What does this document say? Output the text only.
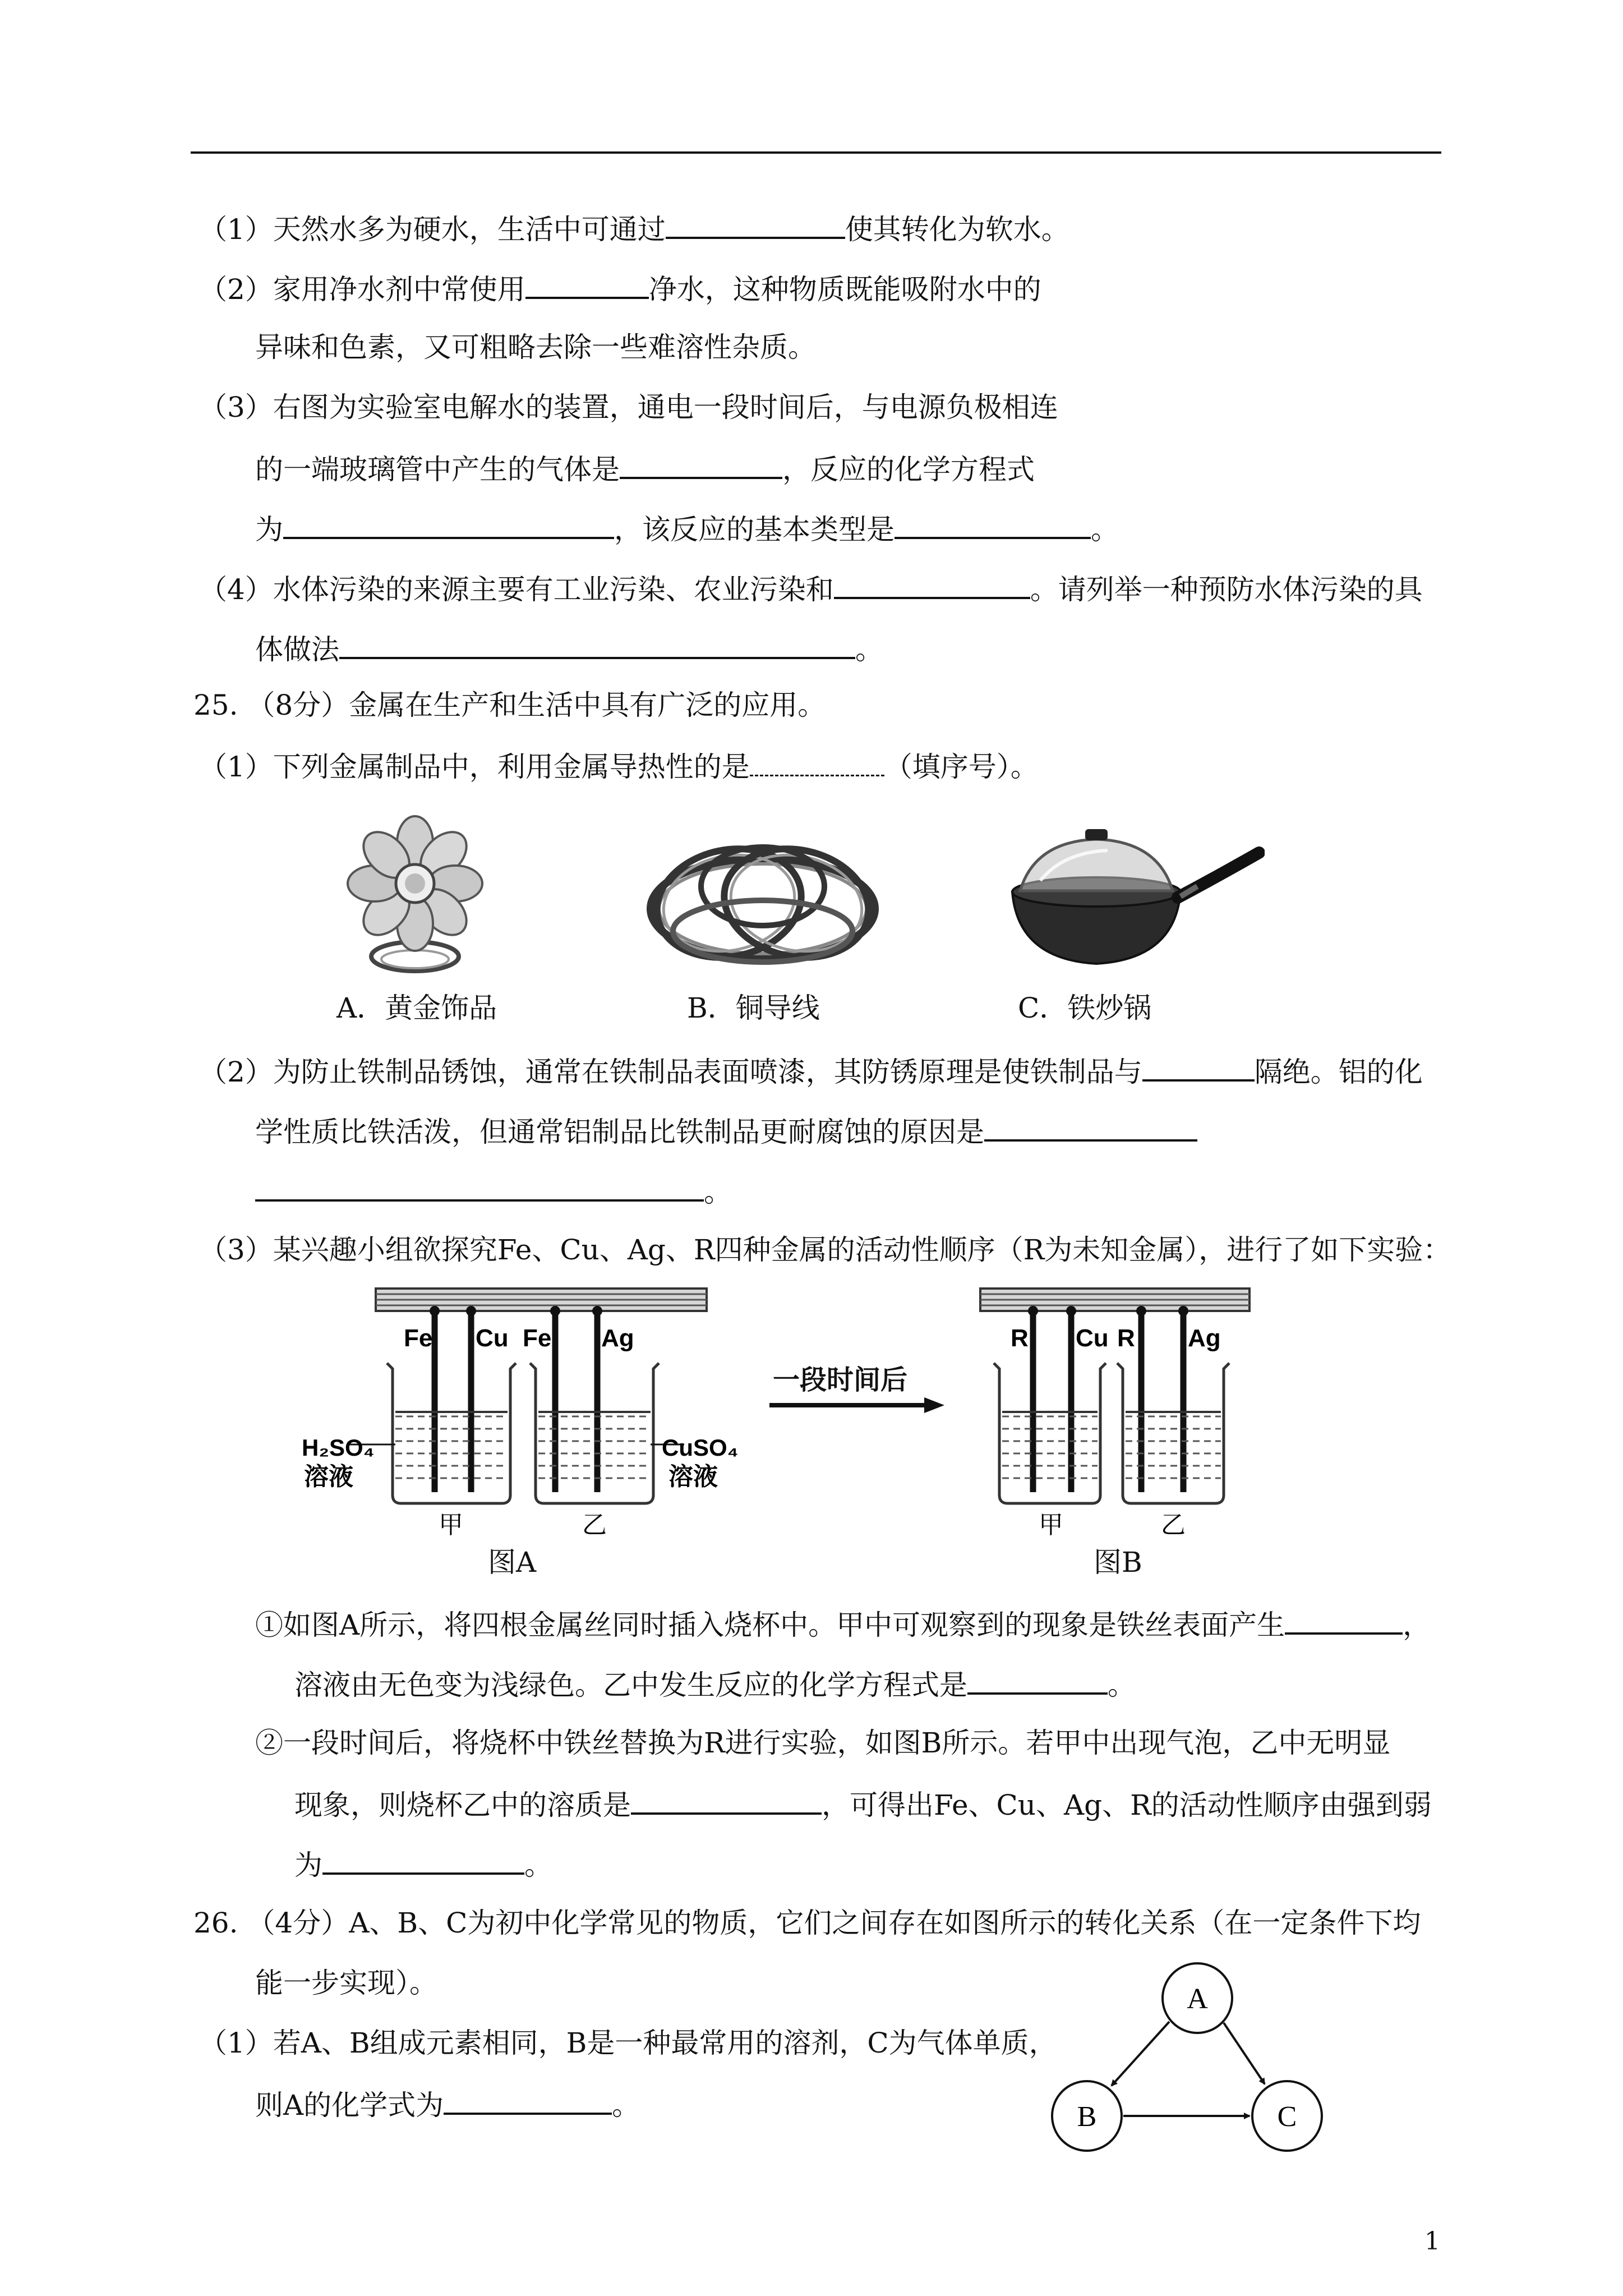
（1）天然水多为硬水，生活中可通过	使其转化为软水。
（2）家用净水剂中常使用	净水，这种物质既能吸附水中的
异味和色素，又可粗略去除一些难溶性杂质。
（3）右图为实验室电解水的装置，通电一段时间后，与电源负极相连
的一端玻璃管中产生的气体是	，反应的化学方程式
为	，该反应的基本类型是	。
（4）水体污染的来源主要有工业污染、农业污染和	。请列举一种预防水体污染的具
体做法	。
25. （8分）金属在生产和生活中具有广泛的应用。
（1）下列金属制品中，利用金属导热性的是	（填序号）。
A．黄金饰品	B．铜导线	C．铁炒锅
（2）为防止铁制品锈蚀，通常在铁制品表面喷漆，其防锈原理是使铁制品与	隔绝。铝的化
学性质比铁活泼，但通常铝制品比铁制品更耐腐蚀的原因是
。
（3）某兴趣小组欲探究Fe、Cu、Ag、R四种金属的活动性顺序（R为未知金属），进行了如下实验：
Fe Cu Fe Ag
H₂SO₄
溶液
CuSO₄
溶液
甲	乙
一段时间后
R Cu R Ag
甲	乙
图A	图B
①如图A所示，将四根金属丝同时插入烧杯中。甲中可观察到的现象是铁丝表面产生	，
溶液由无色变为浅绿色。乙中发生反应的化学方程式是	。
②一段时间后，将烧杯中铁丝替换为R进行实验，如图B所示。若甲中出现气泡，乙中无明显
现象，则烧杯乙中的溶质是	，可得出Fe、Cu、Ag、R的活动性顺序由强到弱
为	。
26. （4分）A、B、C为初中化学常见的物质，它们之间存在如图所示的转化关系（在一定条件下均
能一步实现）。
（1）若A、B组成元素相同，B是一种最常用的溶剂，C为气体单质，
则A的化学式为	。
A
B	C
1
